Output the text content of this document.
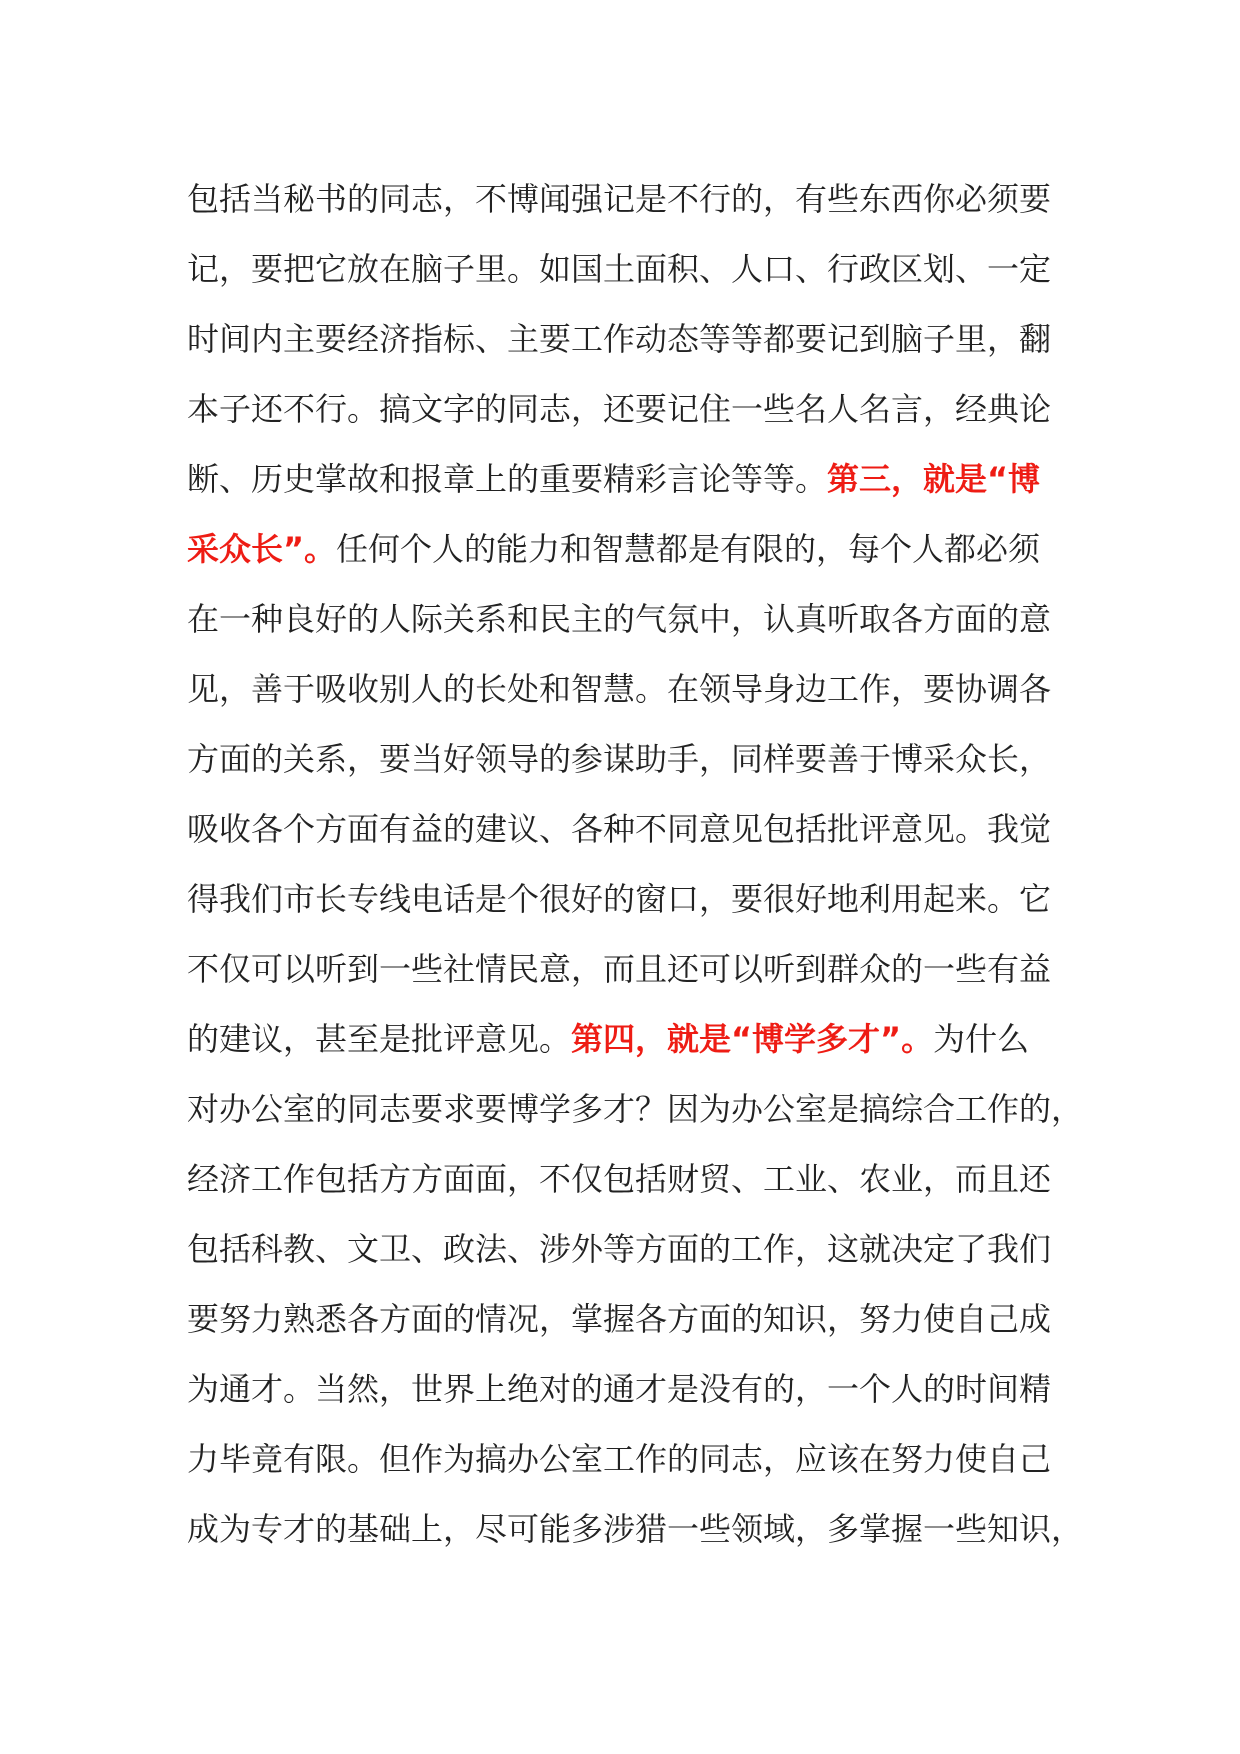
包括当秘书的同志，不博闻强记是不行的，有些东西你必须要
记，要把它放在脑子里。如国土面积、人口、行政区划、一定
时间内主要经济指标、主要工作动态等等都要记到脑子里，翻
本子还不行。搞文字的同志，还要记住一些名人名言，经典论
断、历史掌故和报章上的重要精彩言论等等。第三，就是“博
采众长”。任何个人的能力和智慧都是有限的，每个人都必须
在一种良好的人际关系和民主的气氛中，认真听取各方面的意
见，善于吸收别人的长处和智慧。在领导身边工作，要协调各
方面的关系，要当好领导的参谋助手，同样要善于博采众长，
吸收各个方面有益的建议、各种不同意见包括批评意见。我觉
得我们市长专线电话是个很好的窗口，要很好地利用起来。它
不仅可以听到一些社情民意，而且还可以听到群众的一些有益
的建议，甚至是批评意见。第四，就是“博学多才”。为什么
对办公室的同志要求要博学多才？因为办公室是搞综合工作的，
经济工作包括方方面面，不仅包括财贸、工业、农业，而且还
包括科教、文卫、政法、涉外等方面的工作，这就决定了我们
要努力熟悉各方面的情况，掌握各方面的知识，努力使自己成
为通才。当然，世界上绝对的通才是没有的，一个人的时间精
力毕竟有限。但作为搞办公室工作的同志，应该在努力使自己
成为专才的基础上，尽可能多涉猎一些领域，多掌握一些知识，
